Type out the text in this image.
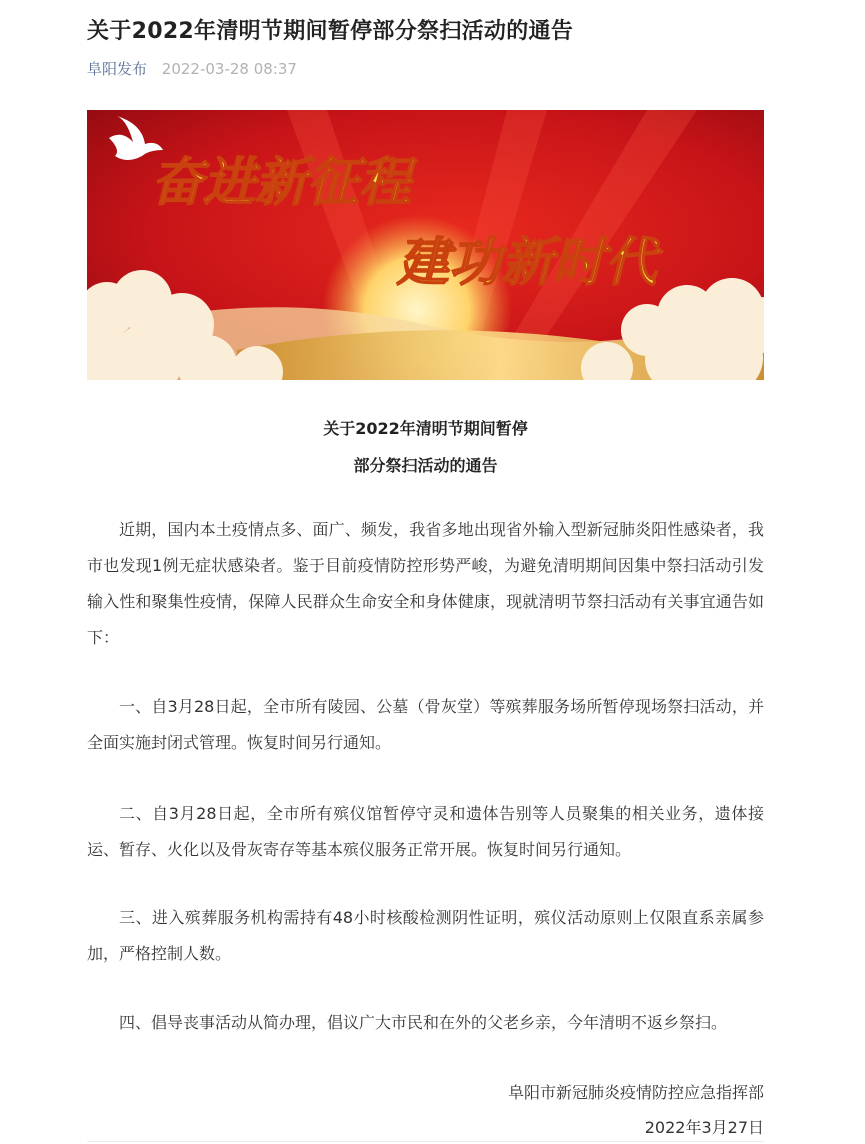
关于2022年清明节期间暂停部分祭扫活动的通告
阜阳发布 2022-03-28 08:37
奋进新征程
建功新时代
关于2022年清明节期间暂停
部分祭扫活动的通告
近期，国内本土疫情点多、面广、频发，我省多地出现省外输入型新冠肺炎阳性感染者，我市也发现1例无症状感染者。鉴于目前疫情防控形势严峻，为避免清明期间因集中祭扫活动引发输入性和聚集性疫情，保障人民群众生命安全和身体健康，现就清明节祭扫活动有关事宜通告如下：
一、自3月28日起，全市所有陵园、公墓（骨灰堂）等殡葬服务场所暂停现场祭扫活动，并全面实施封闭式管理。恢复时间另行通知。
二、自3月28日起，全市所有殡仪馆暂停守灵和遗体告别等人员聚集的相关业务，遗体接运、暂存、火化以及骨灰寄存等基本殡仪服务正常开展。恢复时间另行通知。
三、进入殡葬服务机构需持有48小时核酸检测阴性证明，殡仪活动原则上仅限直系亲属参加，严格控制人数。
四、倡导丧事活动从简办理，倡议广大市民和在外的父老乡亲，今年清明不返乡祭扫。
阜阳市新冠肺炎疫情防控应急指挥部
2022年3月27日
